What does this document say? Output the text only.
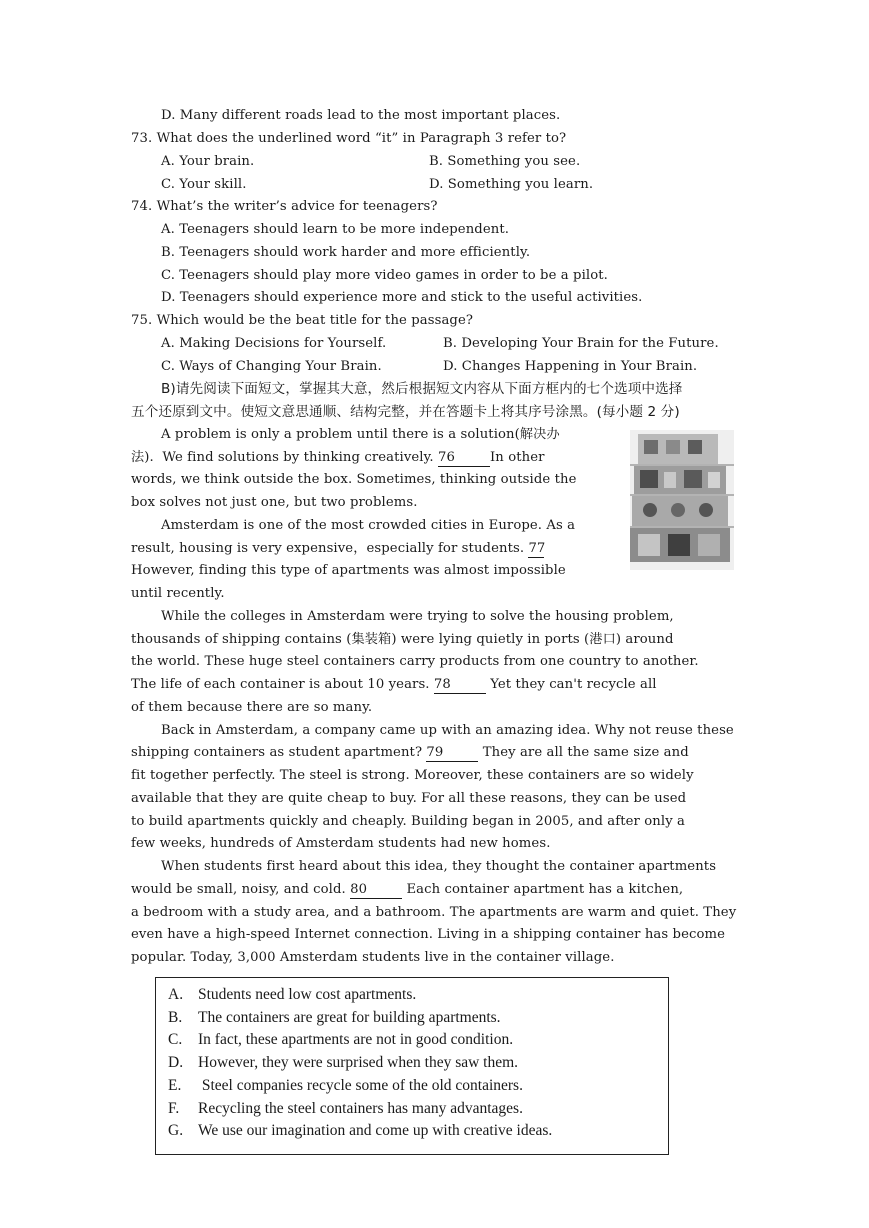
D. Many different roads lead to the most important places.
73. What does the underlined word “it” in Paragraph 3 refer to?
A. Your brain.	B. Something you see.
C. Your skill.	D. Something you learn.
74. What’s the writer’s advice for teenagers?
A. Teenagers should learn to be more independent.
B. Teenagers should work harder and more efficiently.
C. Teenagers should play more video games in order to be a pilot.
D. Teenagers should experience more and stick to the useful activities.
75. Which would be the beat title for the passage?
A. Making Decisions for Yourself.	B. Developing Your Brain for the Future.
C. Ways of Changing Your Brain.	D. Changes Happening in Your Brain.
B)请先阅读下面短文，掌握其大意，然后根据短文内容从下面方框内的七个选项中选择
五个还原到文中。使短文意思通顺、结构完整，并在答题卡上将其序号涂黑。(每小题 2 分)
A problem is only a problem until there is a solution(解决办
法).  We find solutions by thinking creatively. 76	In other
words, we think outside the box. Sometimes, thinking outside the
box solves not just one, but two problems.
Amsterdam is one of the most crowded cities in Europe. As a
result, housing is very expensive，especially for students. 77
However, finding this type of apartments was almost impossible
until recently.
While the colleges in Amsterdam were trying to solve the housing problem,
thousands of shipping contains (集装箱) were lying quietly in ports (港口) around
the world. These huge steel containers carry products from one country to another.
The life of each container is about 10 years. 78	Yet they can't recycle all
of them because there are so many.
Back in Amsterdam, a company came up with an amazing idea. Why not reuse these
shipping containers as student apartment? 79	They are all the same size and
fit together perfectly. The steel is strong. Moreover, these containers are so widely
available that they are quite cheap to buy. For all these reasons, they can be used
to build apartments quickly and cheaply. Building began in 2005, and after only a
few weeks, hundreds of Amsterdam students had new homes.
When students first heard about this idea, they thought the container apartments
would be small, noisy, and cold. 80	Each container apartment has a kitchen,
a bedroom with a study area, and a bathroom. The apartments are warm and quiet. They
even have a high-speed Internet connection. Living in a shipping container has become
popular. Today, 3,000 Amsterdam students live in the container village.
A. Students need low cost apartments.
B. The containers are great for building apartments.
C. In fact, these apartments are not in good condition.
D. However, they were surprised when they saw them.
E. Steel companies recycle some of the old containers.
F. Recycling the steel containers has many advantages.
G. We use our imagination and come up with creative ideas.
